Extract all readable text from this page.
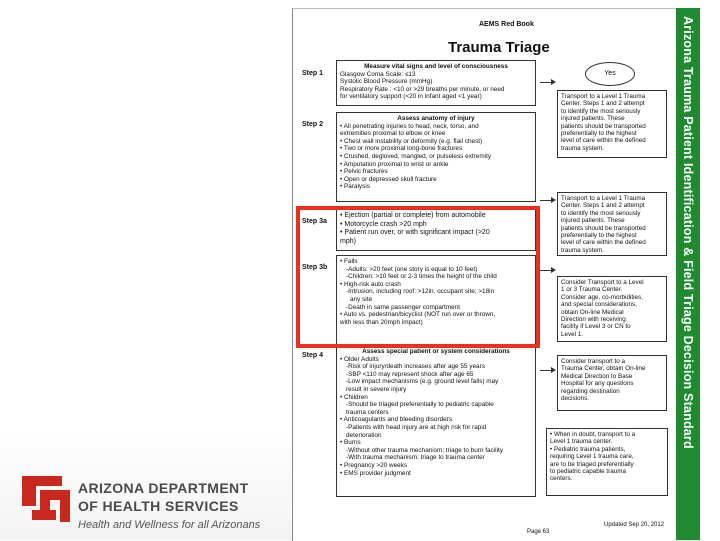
AEMS Red Book
Trauma Triage	Arizona Trauma Patient Identification & Field Triage Decision Standard
Step 1
Step 2
Step 3a
Step 3b
Step 4
Measure vital signs and level of consciousness
Glasgow Coma Scale: ≤13
Systolic Blood Pressure (mmHg)
Respiratory Rate : <10 or >29 breaths per minute, or need
for ventilatory support (<20 in infant aged <1 year)
Assess anatomy of injury
• All penetrating injuries to head, neck, torso, and
extremities proximal to elbow or knee
• Chest wall instability or deformity (e.g. flail chest)
• Two or more proximal long-bone fractures
• Crushed, degloved, mangled, or pulseless extremity
• Amputation proximal to wrist or ankle
• Pelvic fractures
• Open or depressed skull fracture
• Paralysis
• Ejection (partial or complete) from automobile
• Motorcycle crash >20 mph
• Patient run over, or with significant impact (>20
mph)
• Falls
-Adults: >20 feet (one story is equal to 10 feet)
-Children: >10 feet or 2-3 times the height of the child
• High-risk auto crash
-Intrusion, including roof: >12in. occupant site; >18in
any site
-Death in same passenger compartment
• Auto vs. pedestrian/bicyclist (NOT run over or thrown,
with less than 20mph impact)
Assess special patient or system considerations
• Older Adults
-Risk of injury/death increases after age 55 years
-SBP <110 may represent shock after age 65
-Low impact mechanisms (e.g. ground level falls) may
result in severe injury
• Children
-Should be triaged preferentially to pediatric capable
trauma centers
• Anticoagulants and bleeding disorders
-Patients with head injury are at high risk for rapid
deterioration
• Burns
-Without other trauma mechanism: triage to burn facility
-With trauma mechanism: triage to trauma center
• Pregnancy >20 weeks
• EMS provider judgment
Yes
Transport to a Level 1 Trauma
Center. Steps 1 and 2 attempt
to identify the most seriously
injured patients. These
patients should be transported
preferentially to the highest
level of care within the defined
trauma system.
Transport to a Level 1 Trauma
Center. Steps 1 and 2 attempt
to identify the most seriously
injured patients. These
patients should be transported
preferentially to the highest
level of care within the defined
trauma system.
Consider Transport to a Level
1 or 3 Trauma Center.
Consider age, co-morbidities,
and special considerations,
obtain On-line Medical
Direction with receiving
facility if Level 3 or CN to
Level 1.
Consider transport to a
Trauma Center, obtain On-line
Medical Direction to Base
Hospital for any questions
regarding destination
decisions.
• When in doubt, transport to a
Level 1 trauma center.
• Pediatric trauma patients,
requiring Level 1 trauma care,
are to be triaged preferentially
to pediatric capable trauma
centers.
Updated Sep 20, 2012
Page 63
ARIZONA DEPARTMENT
OF HEALTH SERVICES
Health and Wellness for all Arizonans
